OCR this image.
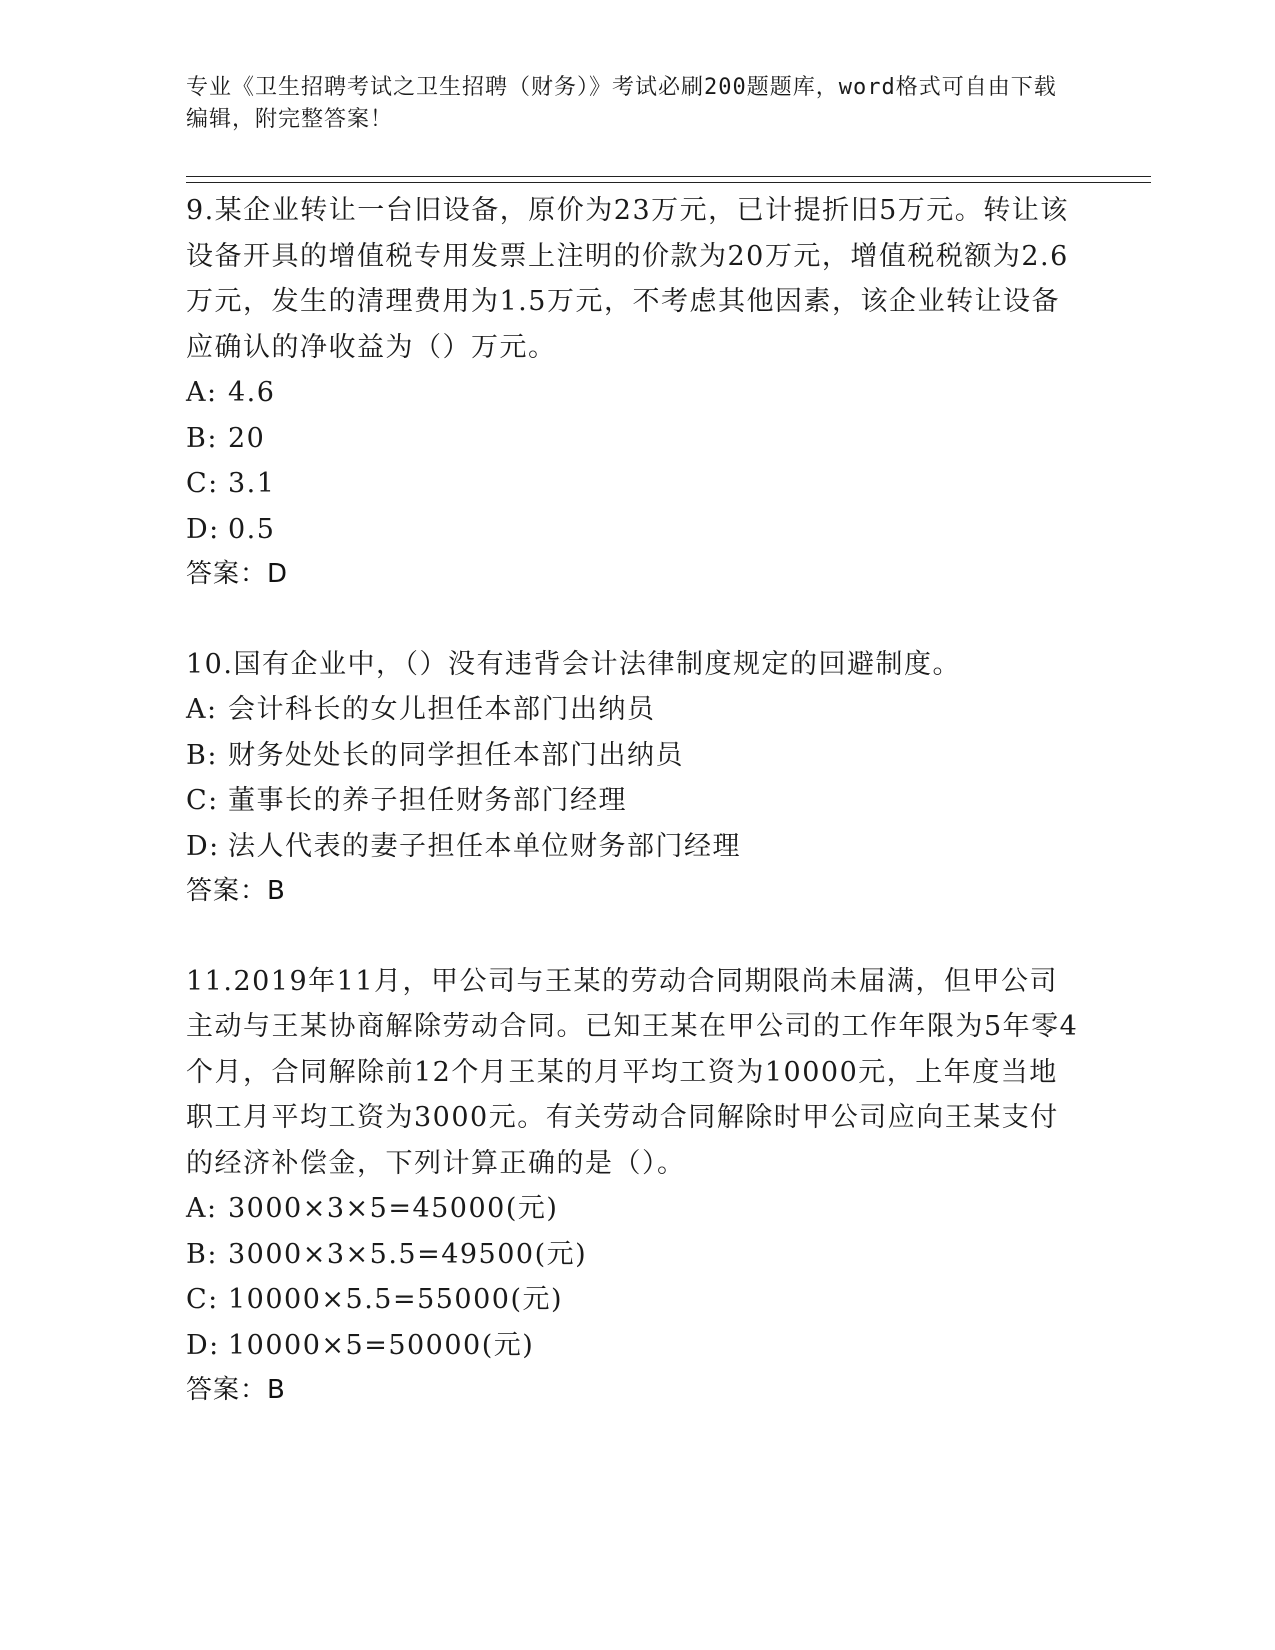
专业《卫生招聘考试之卫生招聘（财务）》考试必刷200题题库，word格式可自由下载编辑，附完整答案！

9.某企业转让一台旧设备，原价为23万元，已计提折旧5万元。转让该设备开具的增值税专用发票上注明的价款为20万元，增值税税额为2.6万元，发生的清理费用为1.5万元，不考虑其他因素，该企业转让设备应确认的净收益为（）万元。

A: 4.6
B: 20
C: 3.1
D: 0.5

答案：D

10.国有企业中，（）没有违背会计法律制度规定的回避制度。

A: 会计科长的女儿担任本部门出纳员
B: 财务处处长的同学担任本部门出纳员
C: 董事长的养子担任财务部门经理
D: 法人代表的妻子担任本单位财务部门经理

答案：B

11.2019年11月，甲公司与王某的劳动合同期限尚未届满，但甲公司主动与王某协商解除劳动合同。已知王某在甲公司的工作年限为5年零4个月，合同解除前12个月王某的月平均工资为10000元，上年度当地职工月平均工资为3000元。有关劳动合同解除时甲公司应向王某支付的经济补偿金，下列计算正确的是（）。

A: 3000×3×5=45000(元)
B: 3000×3×5.5=49500(元)
C: 10000×5.5=55000(元)
D: 10000×5=50000(元)

答案：B
